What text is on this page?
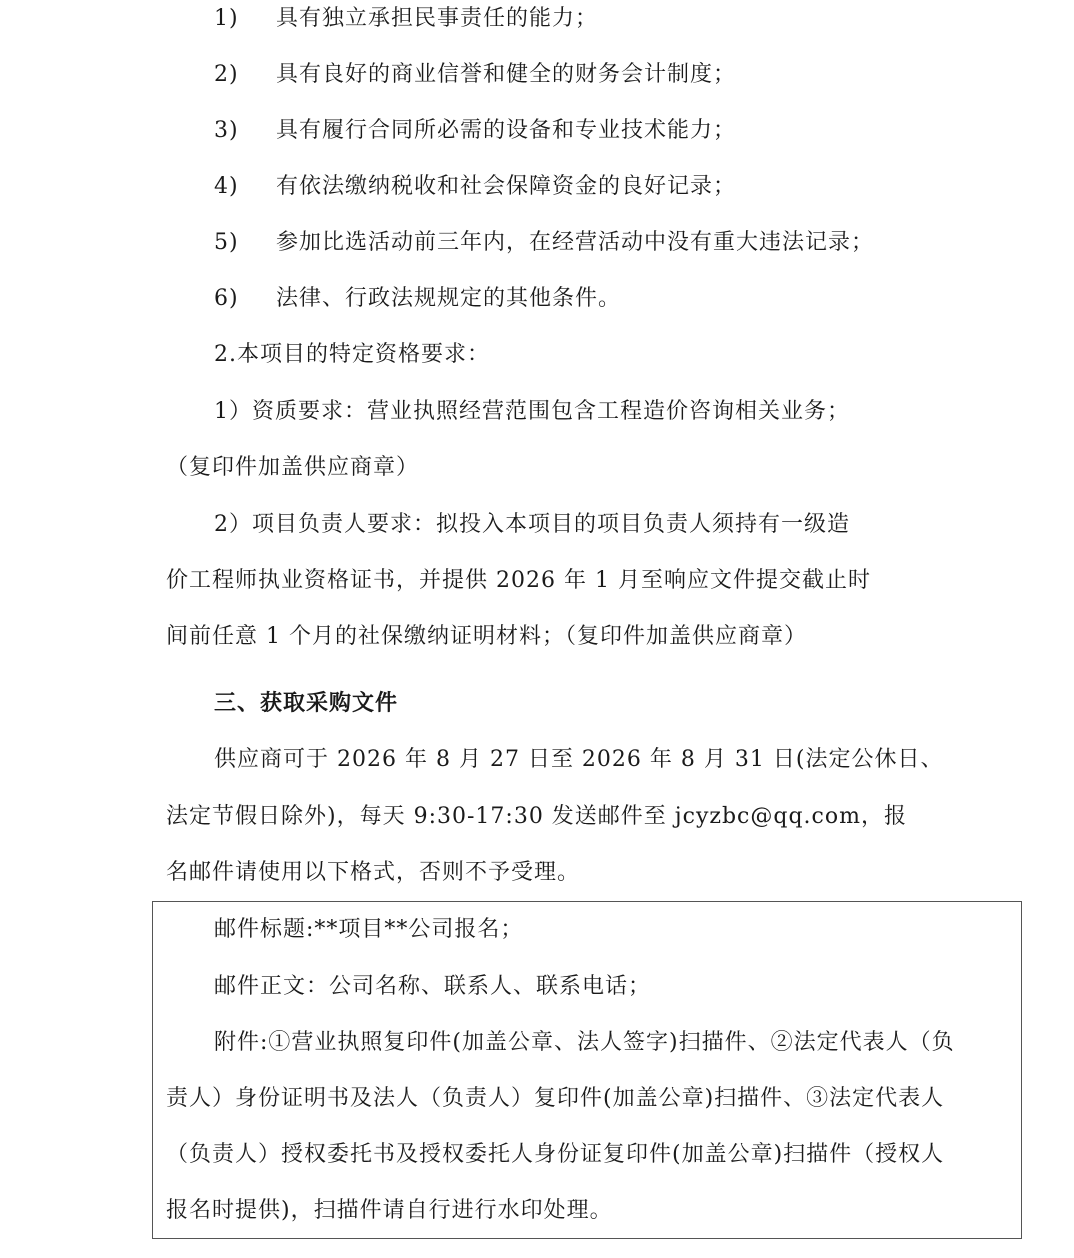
1) 具有独立承担民事责任的能力；
2) 具有良好的商业信誉和健全的财务会计制度；
3) 具有履行合同所必需的设备和专业技术能力；
4) 有依法缴纳税收和社会保障资金的良好记录；
5) 参加比选活动前三年内，在经营活动中没有重大违法记录；
6) 法律、行政法规规定的其他条件。
2.本项目的特定资格要求：
1）资质要求：营业执照经营范围包含工程造价咨询相关业务；
（复印件加盖供应商章）
2）项目负责人要求：拟投入本项目的项目负责人须持有一级造
价工程师执业资格证书，并提供 2026 年 1 月至响应文件提交截止时
间前任意 1 个月的社保缴纳证明材料；（复印件加盖供应商章）
三、获取采购文件
供应商可于 2026 年 8 月 27 日至 2026 年 8 月 31 日(法定公休日、
法定节假日除外)，每天 9:30-17:30 发送邮件至 jcyzbc@qq.com，报
名邮件请使用以下格式，否则不予受理。
邮件标题:**项目**公司报名；
邮件正文：公司名称、联系人、联系电话；
附件:①营业执照复印件(加盖公章、法人签字)扫描件、②法定代表人（负
责人）身份证明书及法人（负责人）复印件(加盖公章)扫描件、③法定代表人
（负责人）授权委托书及授权委托人身份证复印件(加盖公章)扫描件（授权人
报名时提供)，扫描件请自行进行水印处理。
